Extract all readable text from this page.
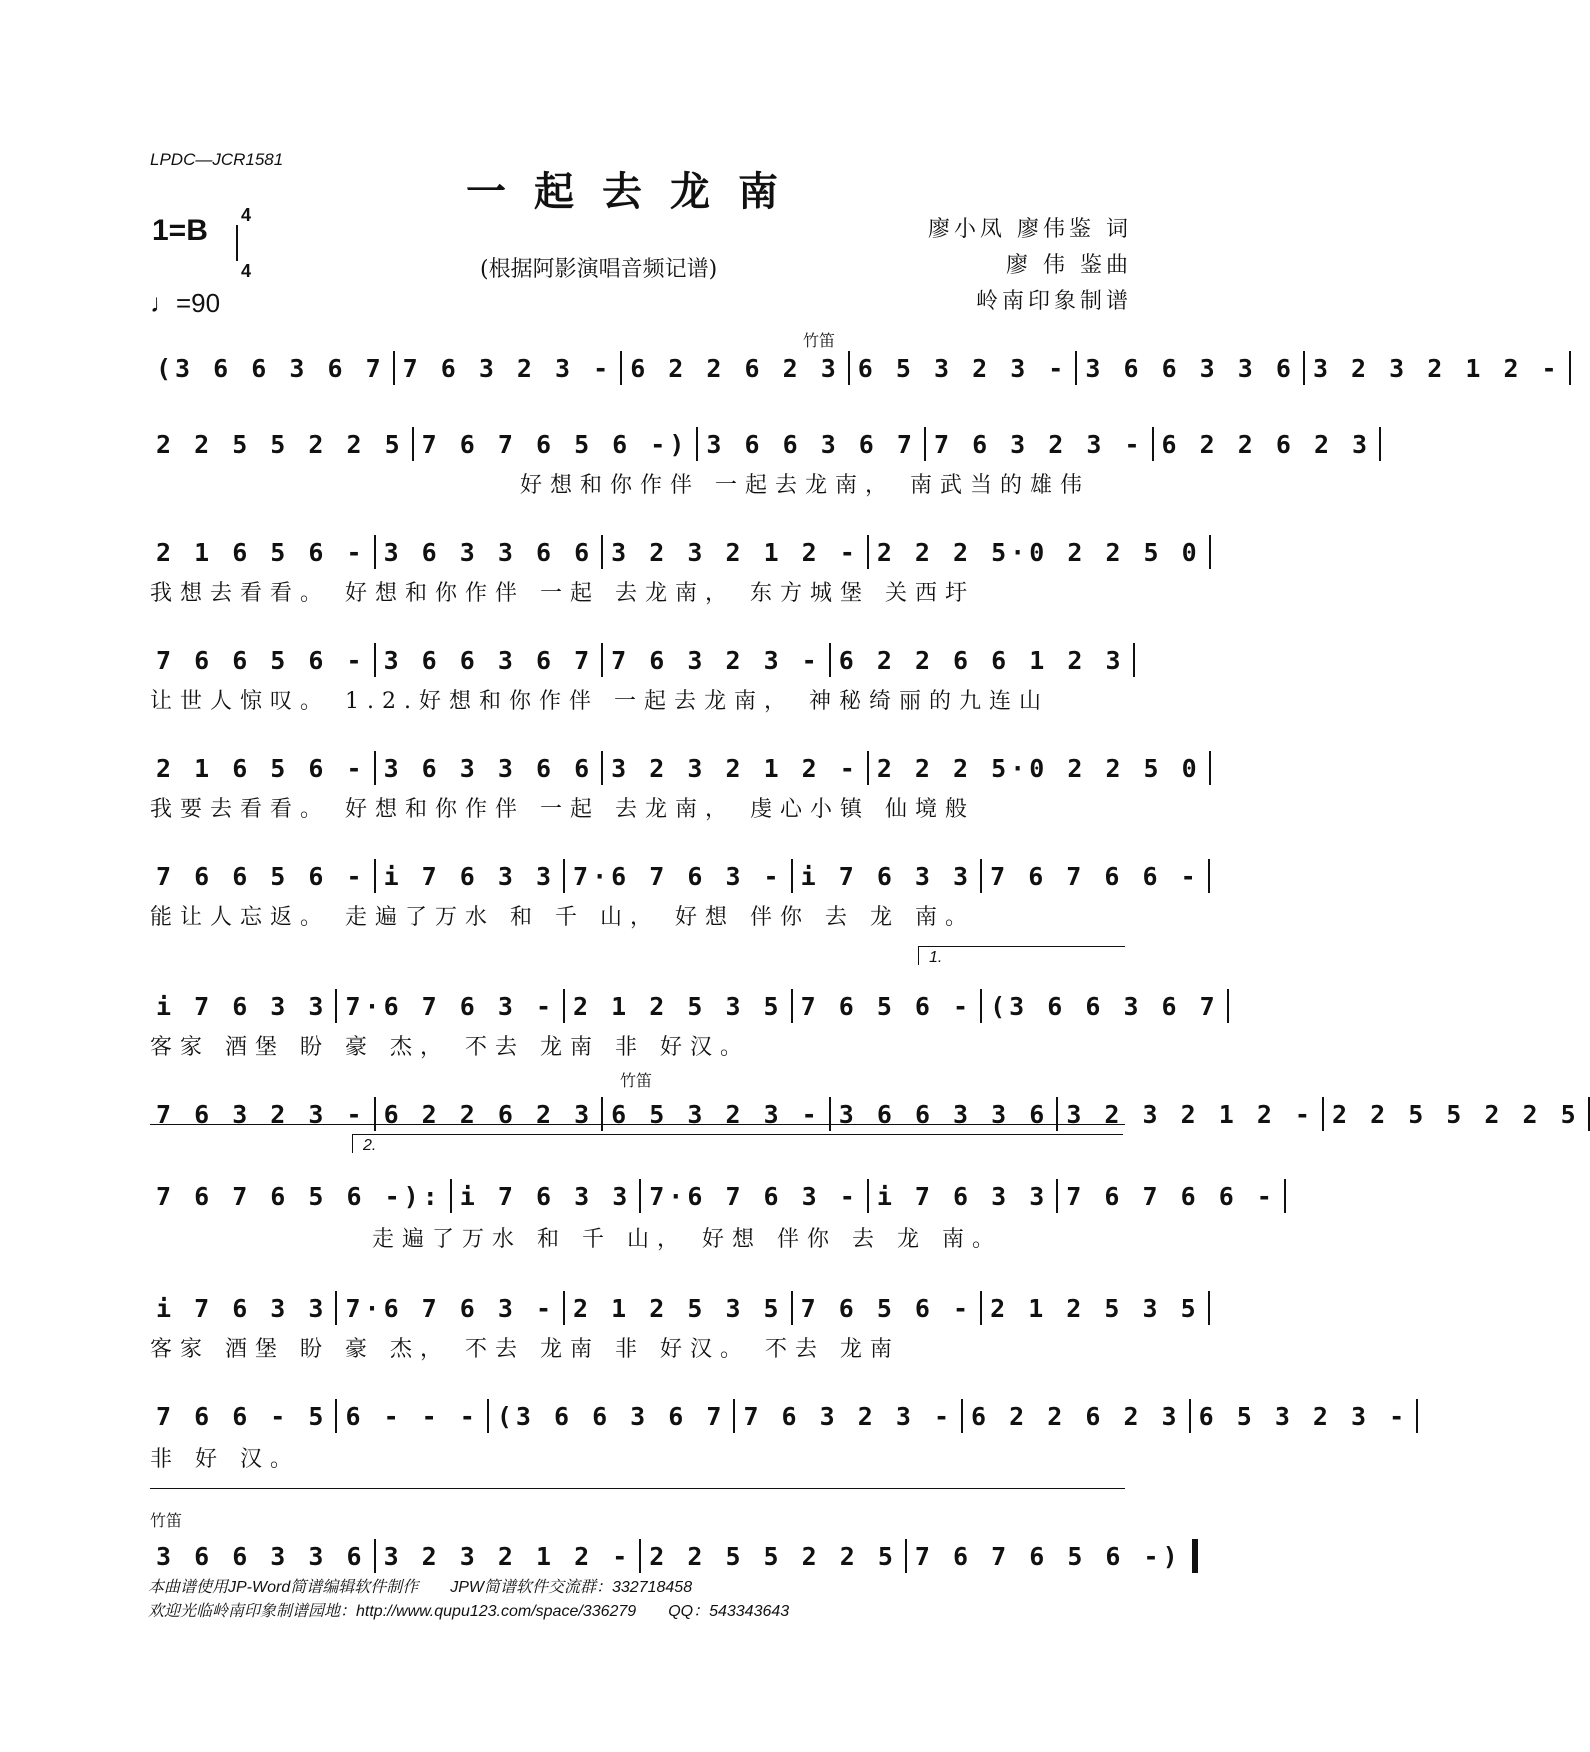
LPDC—JCR1581
一起去龙南
1=B 4
4	(根据阿影演唱音频记谱)
♩=90
廖小凤 廖伟鉴 词
廖 伟 鉴曲
岭南印象制谱
竹笛
竹笛
竹笛
1.
2.
(3 6 6 3 6 7 7 6 3 2 3 - 6 2 2 6 2 3 6 5 3 2 3 - 3 6 6 3 3 6 3 2 3 2 1 2 -
2 2 5 5 2 2 5 7 6 7 6 5 6 -) 3 6 6 3 6 7 7 6 3 2 3 - 6 2 2 6 2 3
好想和你作伴 一起去龙南， 南武当的雄伟
2 1 6 5 6 - 3 6 3 3 6 6 3 2 3 2 1 2 - 2 2 2 5·0 2 2 5 0
我想去看看。 好想和你作伴 一起 去龙南， 东方城堡 关西圩
7 6 6 5 6 - 3 6 6 3 6 7 7 6 3 2 3 - 6 2 2 6 6 1 2 3
让世人惊叹。 1.2.好想和你作伴 一起去龙南， 神秘绮丽的九连山
2 1 6 5 6 - 3 6 3 3 6 6 3 2 3 2 1 2 - 2 2 2 5·0 2 2 5 0
我要去看看。 好想和你作伴 一起 去龙南， 虔心小镇 仙境般
7 6 6 5 6 - i 7 6 3 3 7·6 7 6 3 - i 7 6 3 3 7 6 7 6 6 -
能让人忘返。 走遍了万水 和 千 山， 好想 伴你 去 龙 南。
i 7 6 3 3 7·6 7 6 3 - 2 1 2 5 3 5 7 6 5 6 - (3 6 6 3 6 7
客家 酒堡 盼 豪 杰， 不去 龙南 非 好汉。
7 6 3 2 3 - 6 2 2 6 2 3 6 5 3 2 3 - 3 6 6 3 3 6 3 2 3 2 1 2 - 2 2 5 5 2 2 5
7 6 7 6 5 6 -): i 7 6 3 3 7·6 7 6 3 - i 7 6 3 3 7 6 7 6 6 -
走遍了万水 和 千 山， 好想 伴你 去 龙 南。
i 7 6 3 3 7·6 7 6 3 - 2 1 2 5 3 5 7 6 5 6 - 2 1 2 5 3 5
客家 酒堡 盼 豪 杰， 不去 龙南 非 好汉。 不去 龙南
7 6 6 - 5 6 - - - (3 6 6 3 6 7 7 6 3 2 3 - 6 2 2 6 2 3 6 5 3 2 3 -
非 好 汉。
3 6 6 3 3 6 3 2 3 2 1 2 - 2 2 5 5 2 2 5 7 6 7 6 5 6 -)
本曲谱使用JP-Word简谱编辑软件制作　　JPW简谱软件交流群：332718458
欢迎光临岭南印象制谱园地：http://www.qupu123.com/space/336279　　QQ：543343643
